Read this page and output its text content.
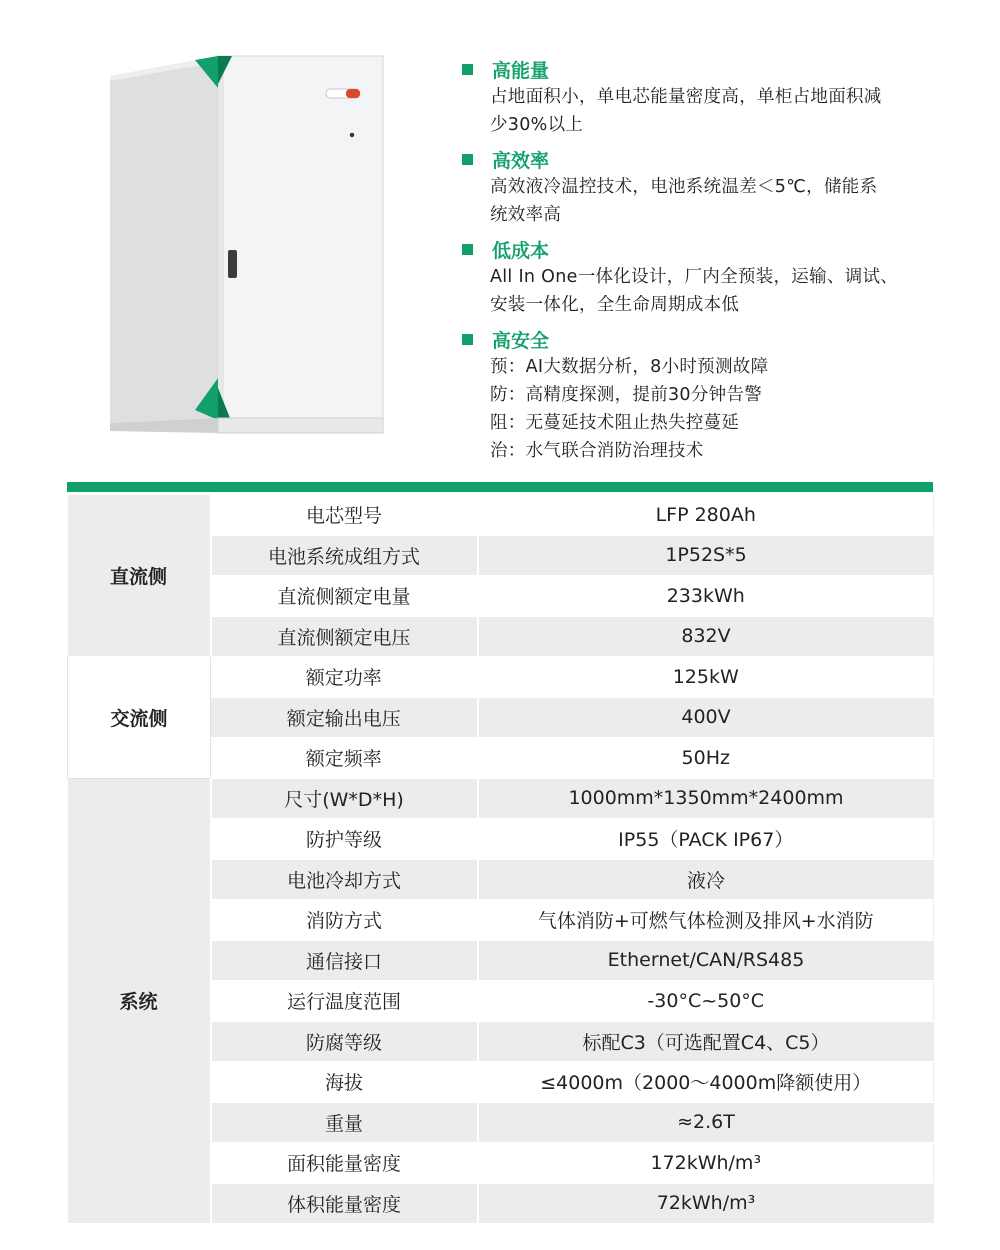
高能量
占地面积小，单电芯能量密度高，单柜占地面积减
少30%以上
高效率
高效液冷温控技术，电池系统温差＜5℃，储能系
统效率高
低成本
All In One一体化设计，厂内全预装，运输、调试、
安装一体化，全生命周期成本低
高安全
预：AI大数据分析，8小时预测故障
防：高精度探测，提前30分钟告警
阻：无蔓延技术阻止热失控蔓延
治：水气联合消防治理技术
直流侧	电芯型号	LFP 280Ah
	电池系统成组方式	1P52S*5
	直流侧额定电量	233kWh
	直流侧额定电压	832V
交流侧	额定功率	125kW
	额定输出电压	400V
	额定频率	50Hz
系统	尺寸(W*D*H)	1000mm*1350mm*2400mm
	防护等级	IP55（PACK IP67）
	电池冷却方式	液冷
	消防方式	气体消防+可燃气体检测及排风+水消防
	通信接口	Ethernet/CAN/RS485
	运行温度范围	-30°C~50°C
	防腐等级	标配C3（可选配置C4、C5）
	海拔	≤4000m（2000～4000m降额使用）
	重量	≈2.6T
	面积能量密度	172kWh/m³
	体积能量密度	72kWh/m³
